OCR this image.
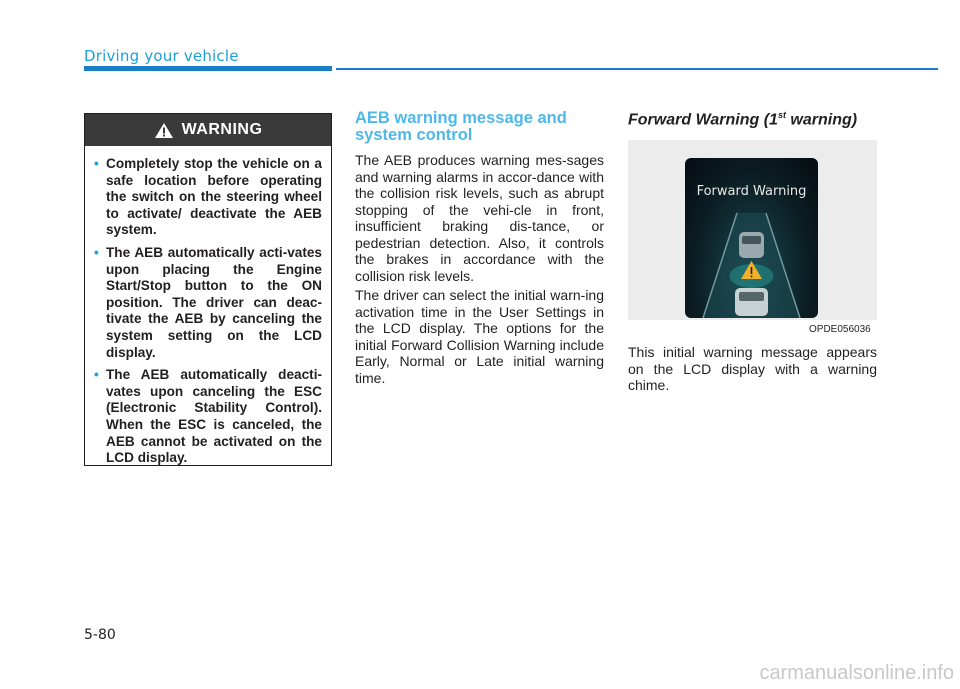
Driving your vehicle
WARNING
• Completely stop the vehicle on a safe location before operating the switch on the steering wheel to activate/ deactivate the AEB system.
• The AEB automatically acti-vates upon placing the Engine Start/Stop button to the ON position. The driver can deac-tivate the AEB by canceling the system setting on the LCD display.
• The AEB automatically deacti-vates upon canceling the ESC (Electronic Stability Control). When the ESC is canceled, the AEB cannot be activated on the LCD display.
AEB warning message and system control

The AEB produces warning mes-sages and warning alarms in accor-dance with the collision risk levels, such as abrupt stopping of the vehi-cle in front, insufficient braking dis-tance, or pedestrian detection. Also, it controls the brakes in accordance with the collision risk levels.

The driver can select the initial warn-ing activation time in the User Settings in the LCD display. The options for the initial Forward Collision Warning include Early, Normal or Late initial warning time.

Forward Warning (1st warning)
Forward Warning
OPDE056036

This initial warning message appears on the LCD display with a warning chime.

5-80
carmanualsonline.info
